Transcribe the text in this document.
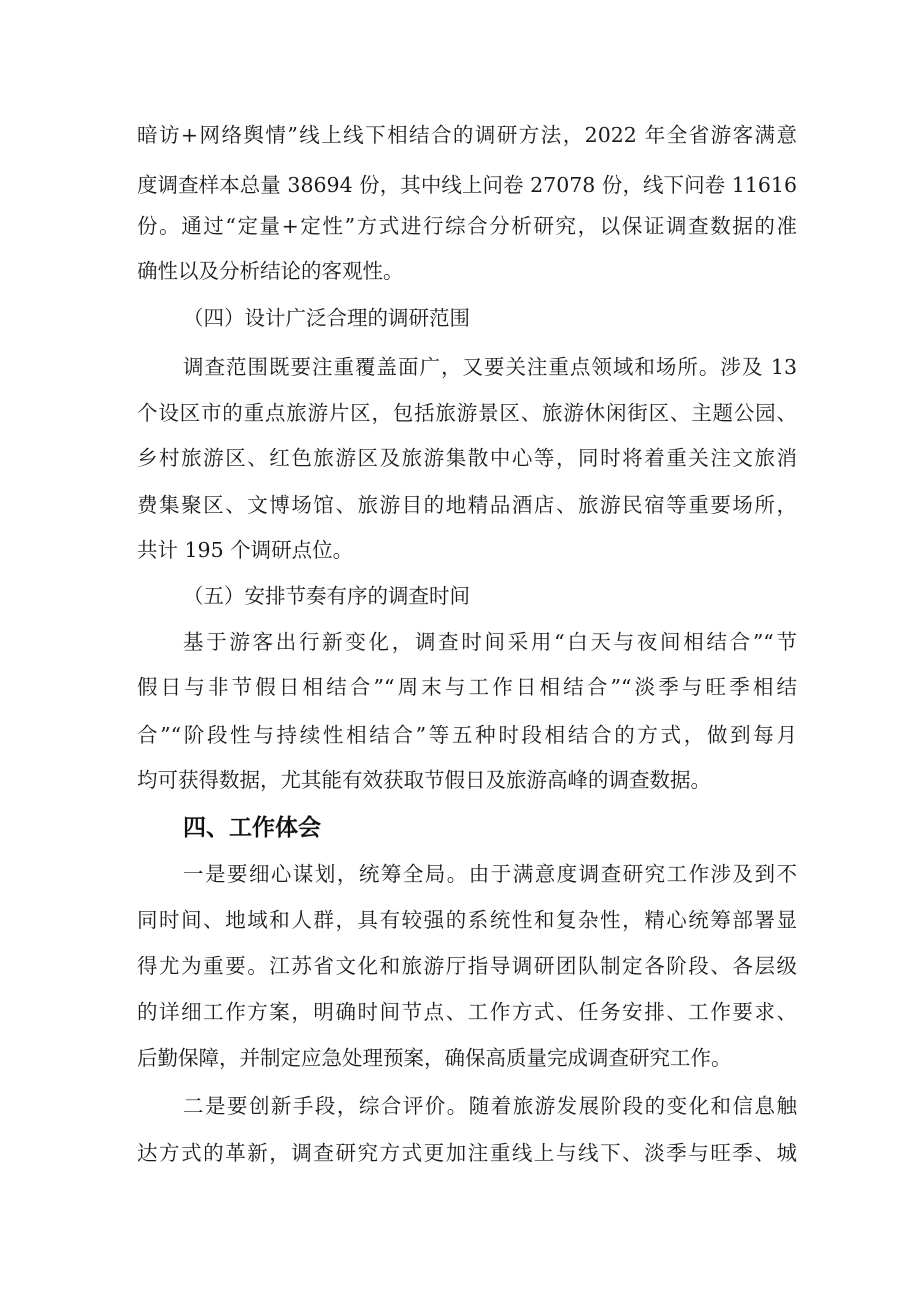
暗访+网络舆情”线上线下相结合的调研方法，2022 年全省游客满意

度调查样本总量 38694 份，其中线上问卷 27078 份，线下问卷 11616

份。通过“定量+定性”方式进行综合分析研究，以保证调查数据的准

确性以及分析结论的客观性。

（四）设计广泛合理的调研范围

调查范围既要注重覆盖面广，又要关注重点领域和场所。涉及 13

个设区市的重点旅游片区，包括旅游景区、旅游休闲街区、主题公园、

乡村旅游区、红色旅游区及旅游集散中心等，同时将着重关注文旅消

费集聚区、文博场馆、旅游目的地精品酒店、旅游民宿等重要场所，

共计 195 个调研点位。

（五）安排节奏有序的调查时间

基于游客出行新变化，调查时间采用“白天与夜间相结合”“节

假日与非节假日相结合”“周末与工作日相结合”“淡季与旺季相结

合”“阶段性与持续性相结合”等五种时段相结合的方式，做到每月

均可获得数据，尤其能有效获取节假日及旅游高峰的调查数据。

四、工作体会

一是要细心谋划，统筹全局。由于满意度调查研究工作涉及到不

同时间、地域和人群，具有较强的系统性和复杂性，精心统筹部署显

得尤为重要。江苏省文化和旅游厅指导调研团队制定各阶段、各层级

的详细工作方案，明确时间节点、工作方式、任务安排、工作要求、

后勤保障，并制定应急处理预案，确保高质量完成调查研究工作。

二是要创新手段，综合评价。随着旅游发展阶段的变化和信息触

达方式的革新，调查研究方式更加注重线上与线下、淡季与旺季、城
